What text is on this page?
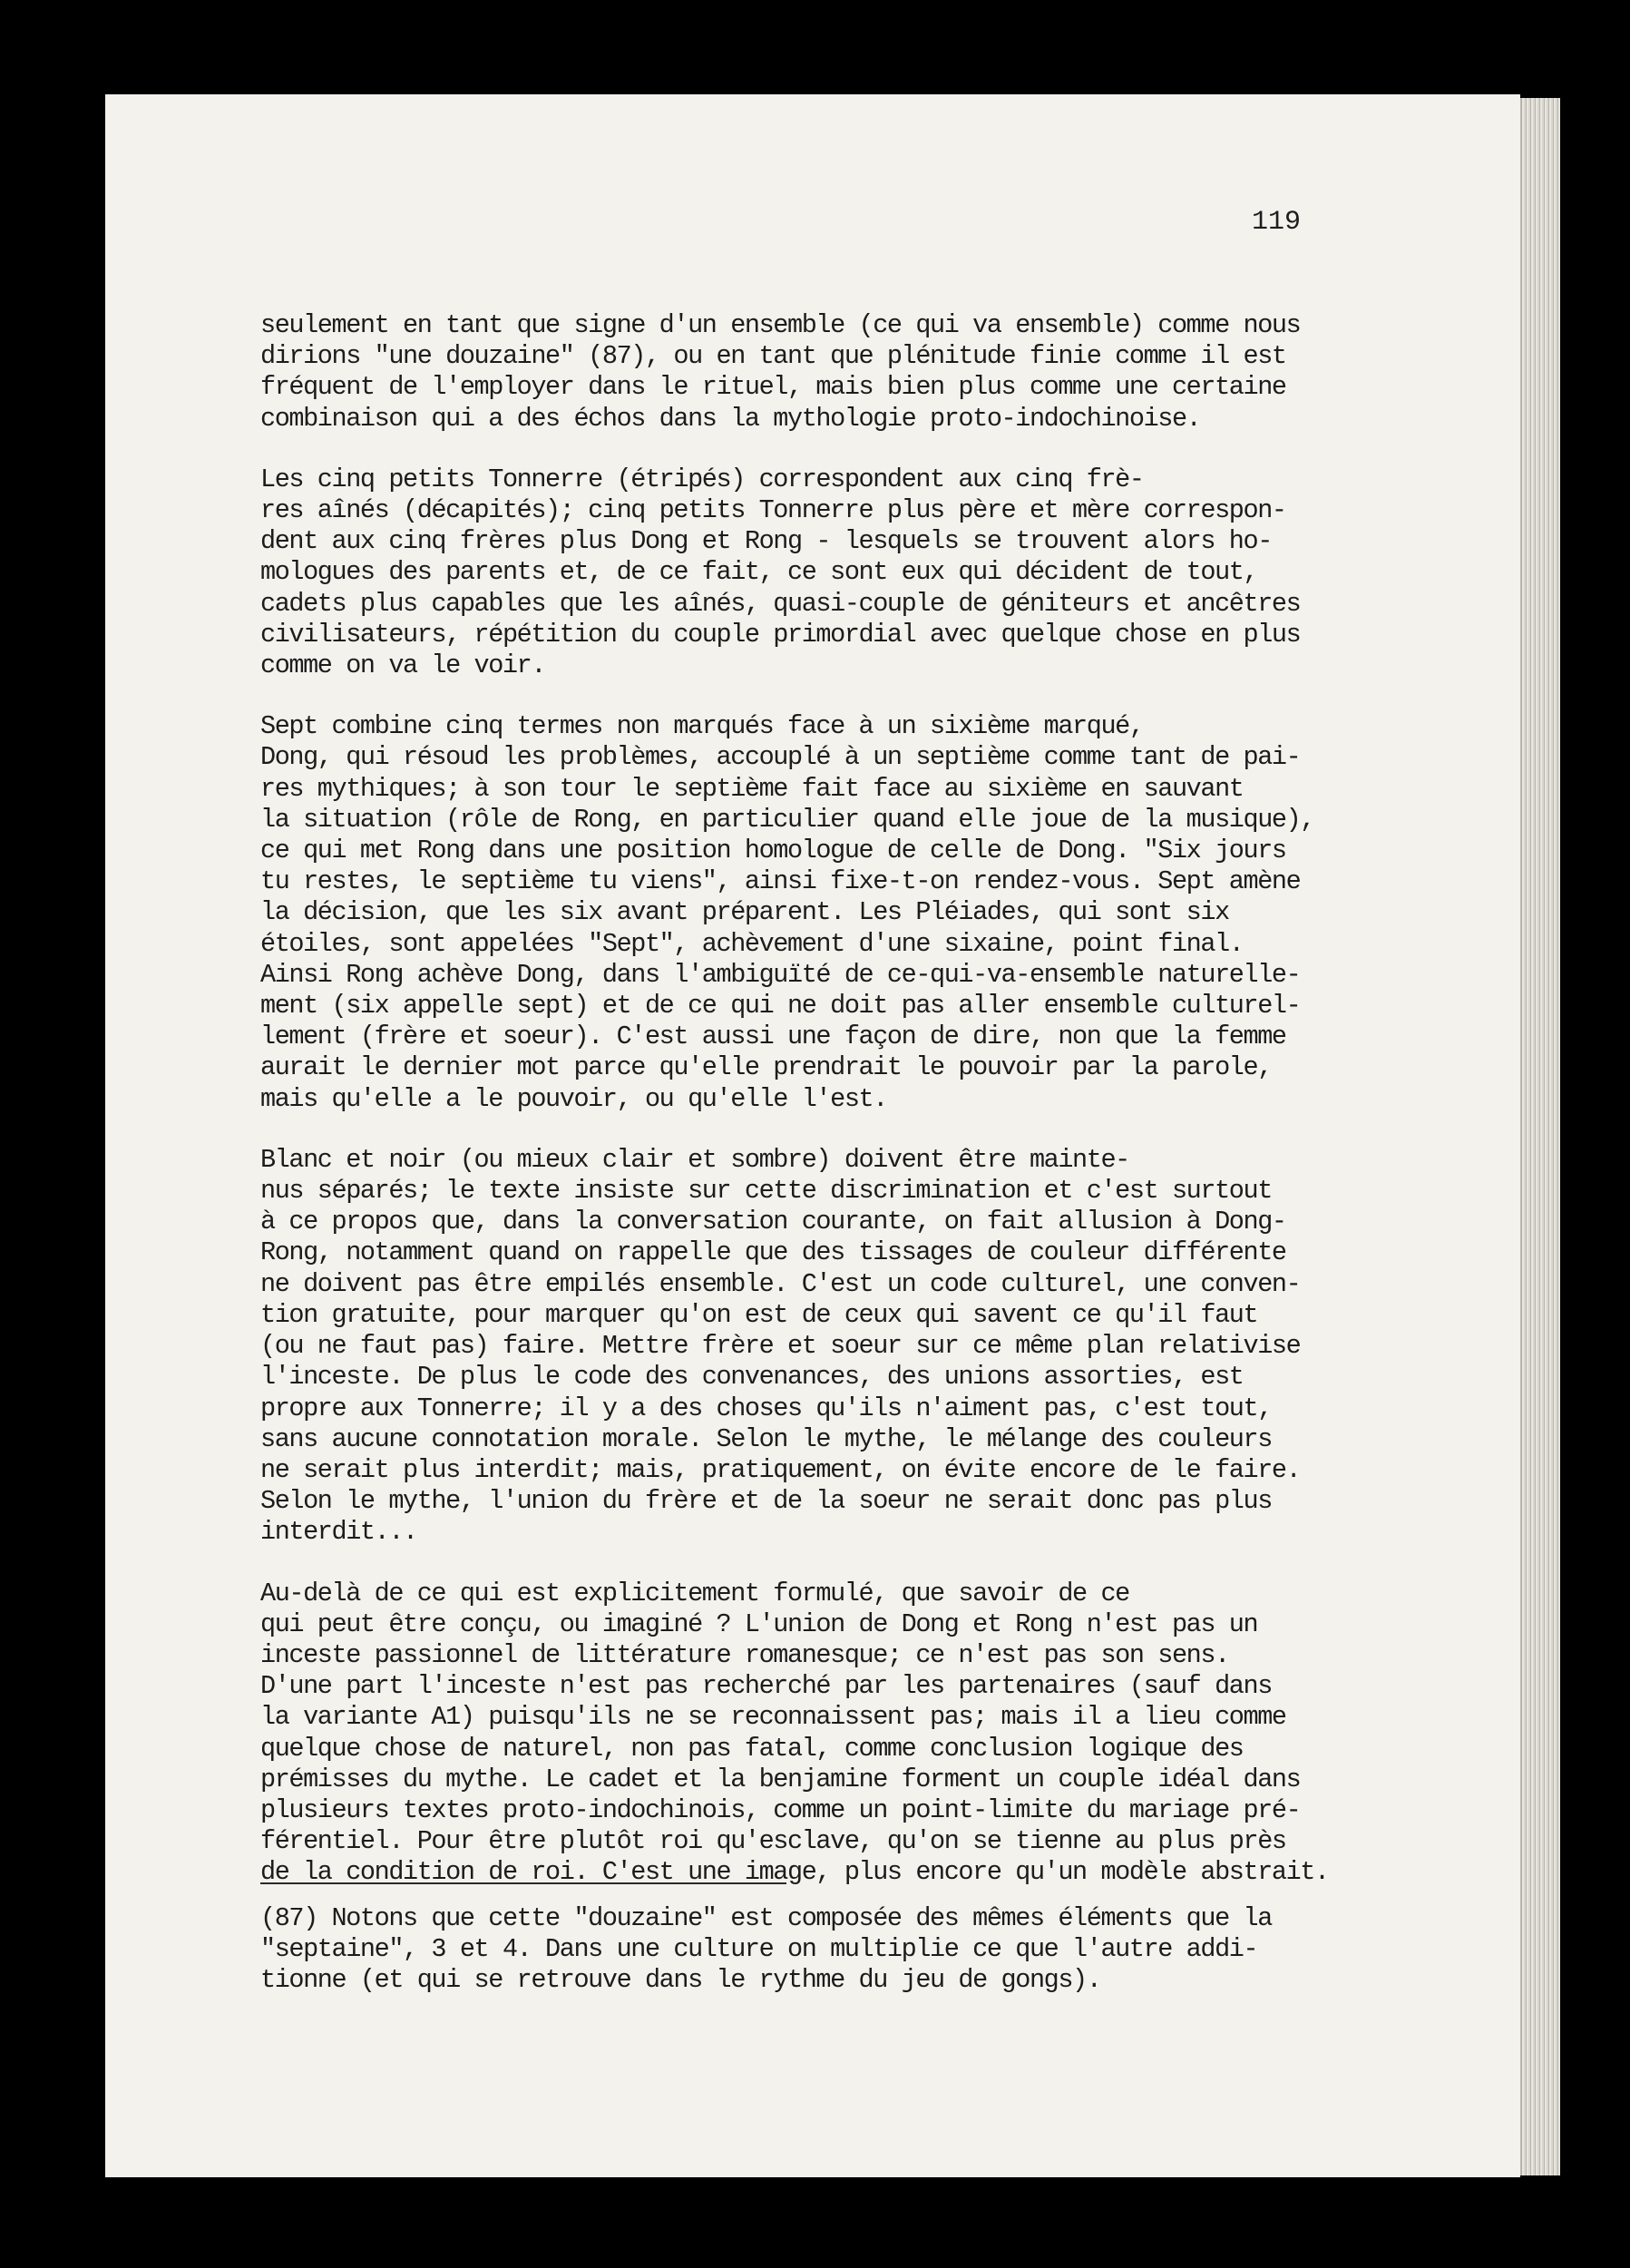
119

seulement en tant que signe d'un ensemble (ce qui va ensemble) comme nous
dirions "une douzaine" (87), ou en tant que plénitude finie comme il est
fréquent de l'employer dans le rituel, mais bien plus comme une certaine
combinaison qui a des échos dans la mythologie proto-indochinoise.

Les cinq petits Tonnerre (étripés) correspondent aux cinq frè-
res aînés (décapités); cinq petits Tonnerre plus père et mère correspon-
dent aux cinq frères plus Dong et Rong - lesquels se trouvent alors ho-
mologues des parents et, de ce fait, ce sont eux qui décident de tout,
cadets plus capables que les aînés, quasi-couple de géniteurs et ancêtres
civilisateurs, répétition du couple primordial avec quelque chose en plus
comme on va le voir.

Sept combine cinq termes non marqués face à un sixième marqué,
Dong, qui résoud les problèmes, accouplé à un septième comme tant de pai-
res mythiques; à son tour le septième fait face au sixième en sauvant
la situation (rôle de Rong, en particulier quand elle joue de la musique),
ce qui met Rong dans une position homologue de celle de Dong. "Six jours
tu restes, le septième tu viens", ainsi fixe-t-on rendez-vous. Sept amène
la décision, que les six avant préparent. Les Pléiades, qui sont six
étoiles, sont appelées "Sept", achèvement d'une sixaine, point final.
Ainsi Rong achève Dong, dans l'ambiguïté de ce-qui-va-ensemble naturelle-
ment (six appelle sept) et de ce qui ne doit pas aller ensemble culturel-
lement (frère et soeur). C'est aussi une façon de dire, non que la femme
aurait le dernier mot parce qu'elle prendrait le pouvoir par la parole,
mais qu'elle a le pouvoir, ou qu'elle l'est.

Blanc et noir (ou mieux clair et sombre) doivent être mainte-
nus séparés; le texte insiste sur cette discrimination et c'est surtout
à ce propos que, dans la conversation courante, on fait allusion à Dong-
Rong, notamment quand on rappelle que des tissages de couleur différente
ne doivent pas être empilés ensemble. C'est un code culturel, une conven-
tion gratuite, pour marquer qu'on est de ceux qui savent ce qu'il faut
(ou ne faut pas) faire. Mettre frère et soeur sur ce même plan relativise
l'inceste. De plus le code des convenances, des unions assorties, est
propre aux Tonnerre; il y a des choses qu'ils n'aiment pas, c'est tout,
sans aucune connotation morale. Selon le mythe, le mélange des couleurs
ne serait plus interdit; mais, pratiquement, on évite encore de le faire.
Selon le mythe, l'union du frère et de la soeur ne serait donc pas plus
interdit...

Au-delà de ce qui est explicitement formulé, que savoir de ce
qui peut être conçu, ou imaginé ? L'union de Dong et Rong n'est pas un
inceste passionnel de littérature romanesque; ce n'est pas son sens.
D'une part l'inceste n'est pas recherché par les partenaires (sauf dans
la variante A1) puisqu'ils ne se reconnaissent pas; mais il a lieu comme
quelque chose de naturel, non pas fatal, comme conclusion logique des
prémisses du mythe. Le cadet et la benjamine forment un couple idéal dans
plusieurs textes proto-indochinois, comme un point-limite du mariage pré-
férentiel. Pour être plutôt roi qu'esclave, qu'on se tienne au plus près
de la condition de roi. C'est une image, plus encore qu'un modèle abstrait.

(87) Notons que cette "douzaine" est composée des mêmes éléments que la
"septaine", 3 et 4. Dans une culture on multiplie ce que l'autre addi-
tionne (et qui se retrouve dans le rythme du jeu de gongs).
